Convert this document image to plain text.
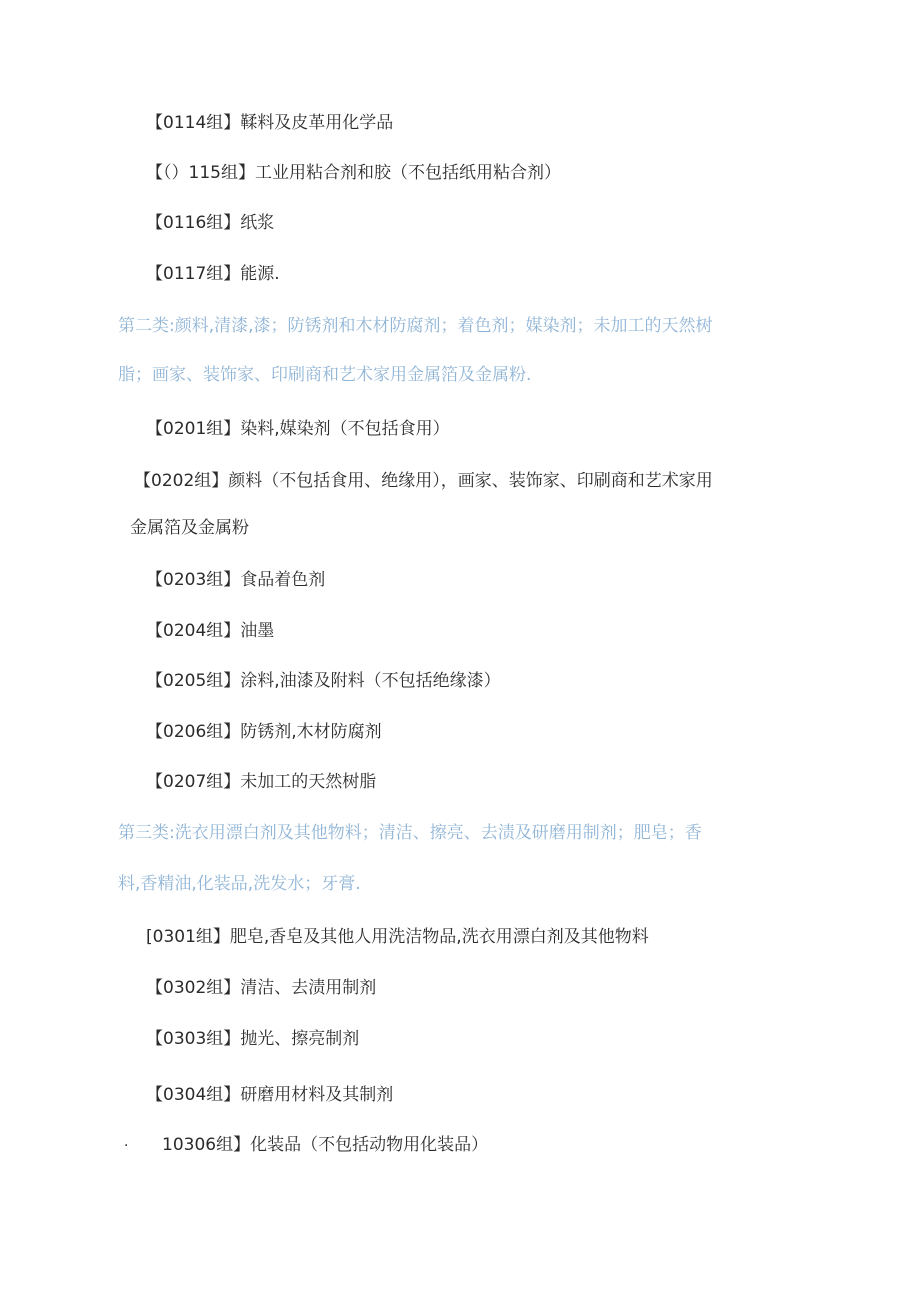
【0114组】鞣料及皮革用化学品
【（）115组】工业用粘合剂和胶（不包括纸用粘合剂）
【0116组】纸浆
【0117组】能源.
第二类:颜料,清漆,漆；防锈剂和木材防腐剂；着色剂；媒染剂；未加工的天然树
脂；画家、装饰家、印刷商和艺术家用金属箔及金属粉.
【0201组】染料,媒染剂（不包括食用）
【0202组】颜料（不包括食用、绝缘用），画家、装饰家、印刷商和艺术家用
金属箔及金属粉
【0203组】食品着色剂
【0204组】油墨
【0205组】涂料,油漆及附料（不包括绝缘漆）
【0206组】防锈剂,木材防腐剂
【0207组】未加工的天然树脂
第三类:洗衣用漂白剂及其他物料；清洁、擦亮、去渍及研磨用制剂；肥皂；香
料,香精油,化装品,洗发水；牙膏.
[0301组】肥皂,香皂及其他人用洗洁物品,洗衣用漂白剂及其他物料
【0302组】清洁、去渍用制剂
【0303组】抛光、擦亮制剂
【0304组】研磨用材料及其制剂
· 10306组】化装品（不包括动物用化装品）
